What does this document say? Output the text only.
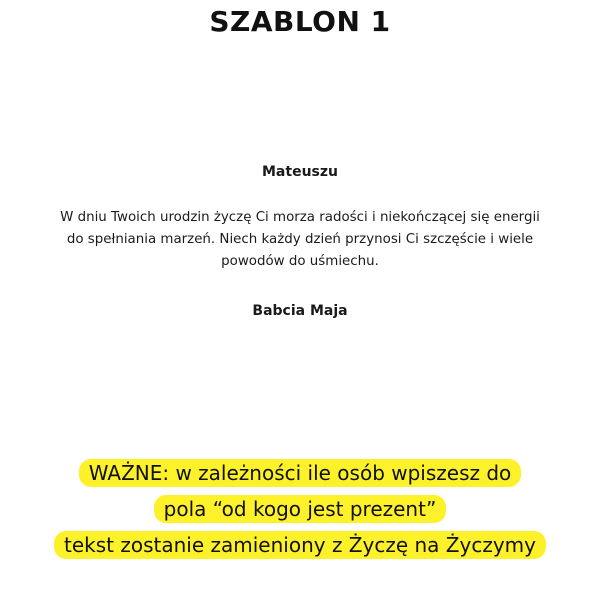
SZABLON 1
Mateuszu
W dniu Twoich urodzin życzę Ci morza radości i niekończącej się energii
do spełniania marzeń. Niech każdy dzień przynosi Ci szczęście i wiele
powodów do uśmiechu.
Babcia Maja
WAŻNE: w zależności ile osób wpiszesz do
pola “od kogo jest prezent”
tekst zostanie zamieniony z Życzę na Życzymy
